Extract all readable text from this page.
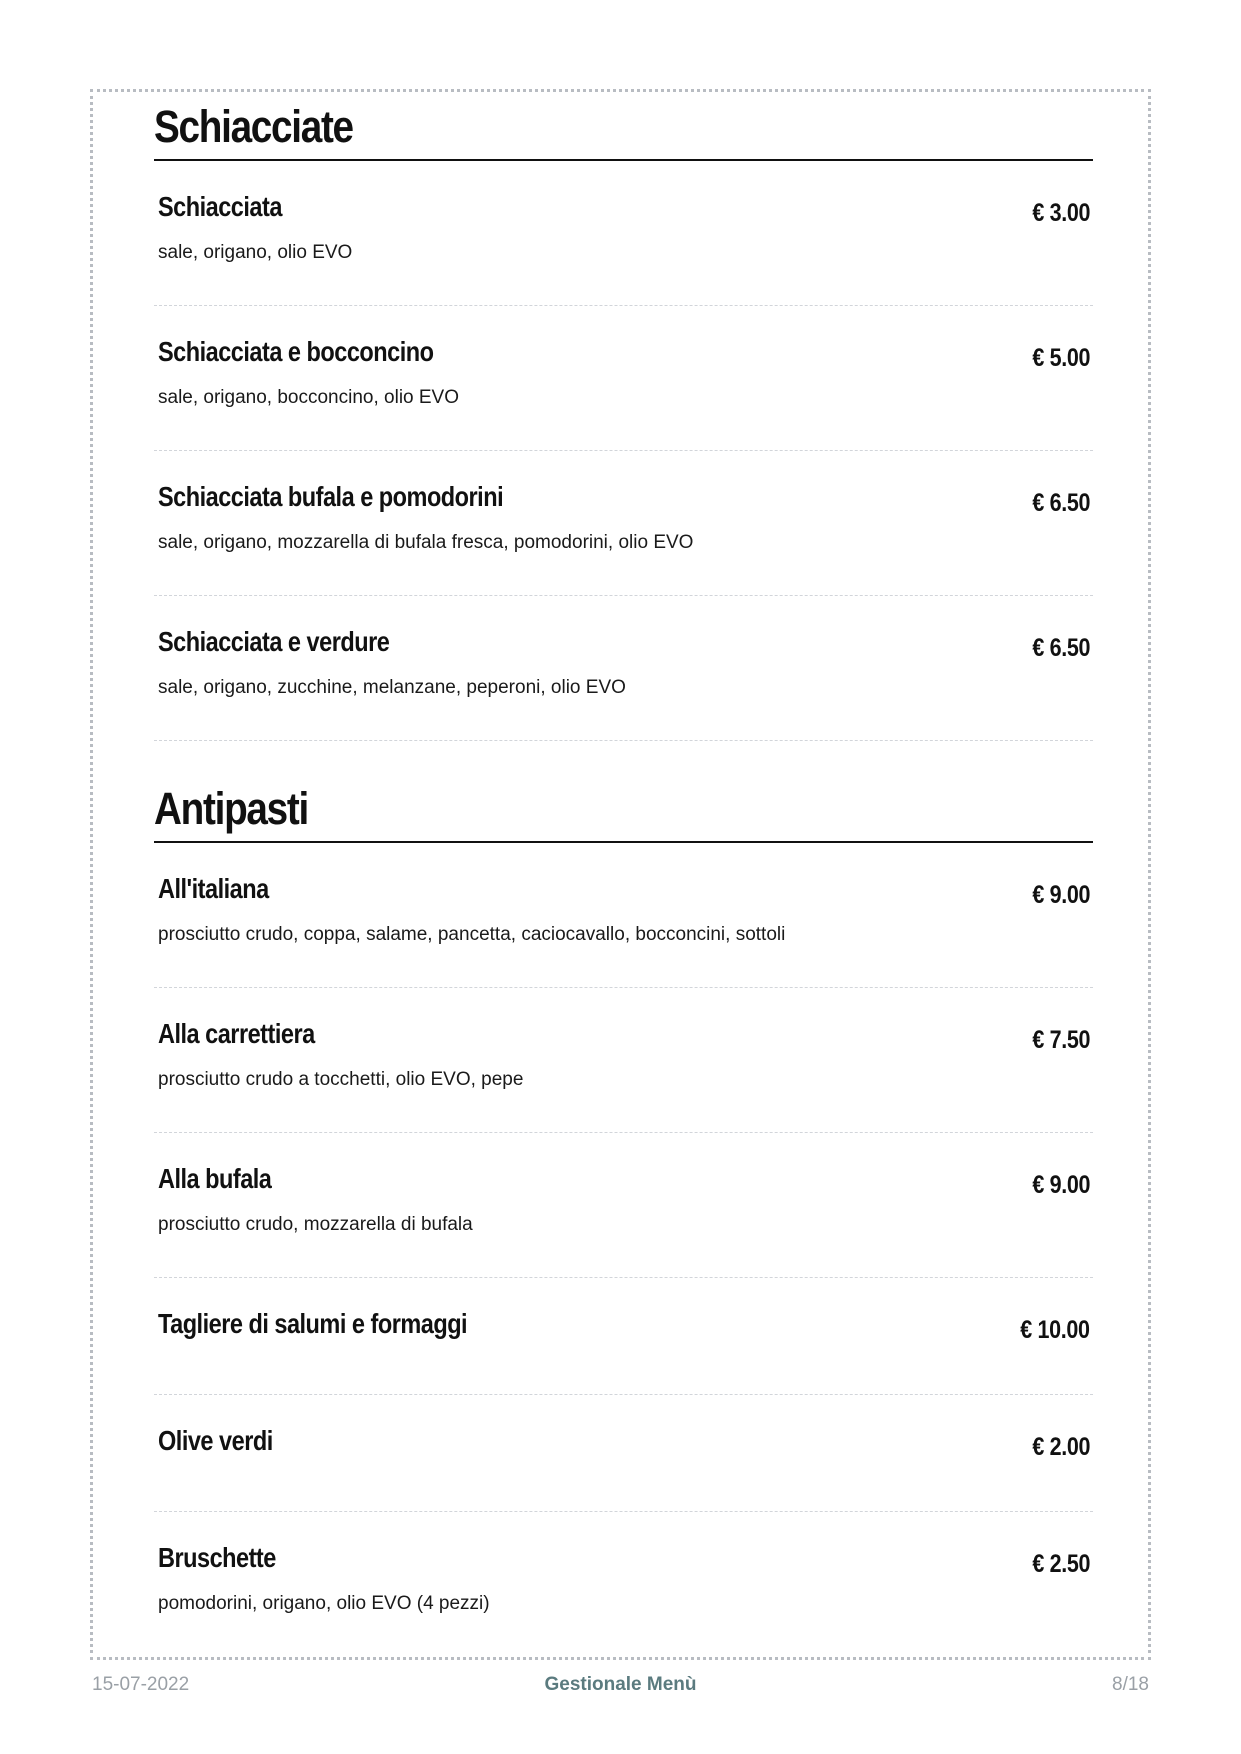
Schiacciate
Schiacciata
sale, origano, olio EVO
€ 3.00
Schiacciata e bocconcino
sale, origano, bocconcino, olio EVO
€ 5.00
Schiacciata bufala e pomodorini
sale, origano, mozzarella di bufala fresca, pomodorini, olio EVO
€ 6.50
Schiacciata e verdure
sale, origano, zucchine, melanzane, peperoni, olio EVO
€ 6.50
Antipasti
All'italiana
prosciutto crudo, coppa, salame, pancetta, caciocavallo, bocconcini, sottoli
€ 9.00
Alla carrettiera
prosciutto crudo a tocchetti, olio EVO, pepe
€ 7.50
Alla bufala
prosciutto crudo, mozzarella di bufala
€ 9.00
Tagliere di salumi e formaggi	€ 10.00
Olive verdi	€ 2.00
Bruschette
pomodorini, origano, olio EVO (4 pezzi)
€ 2.50
15-07-2022	Gestionale Menù	8/18
